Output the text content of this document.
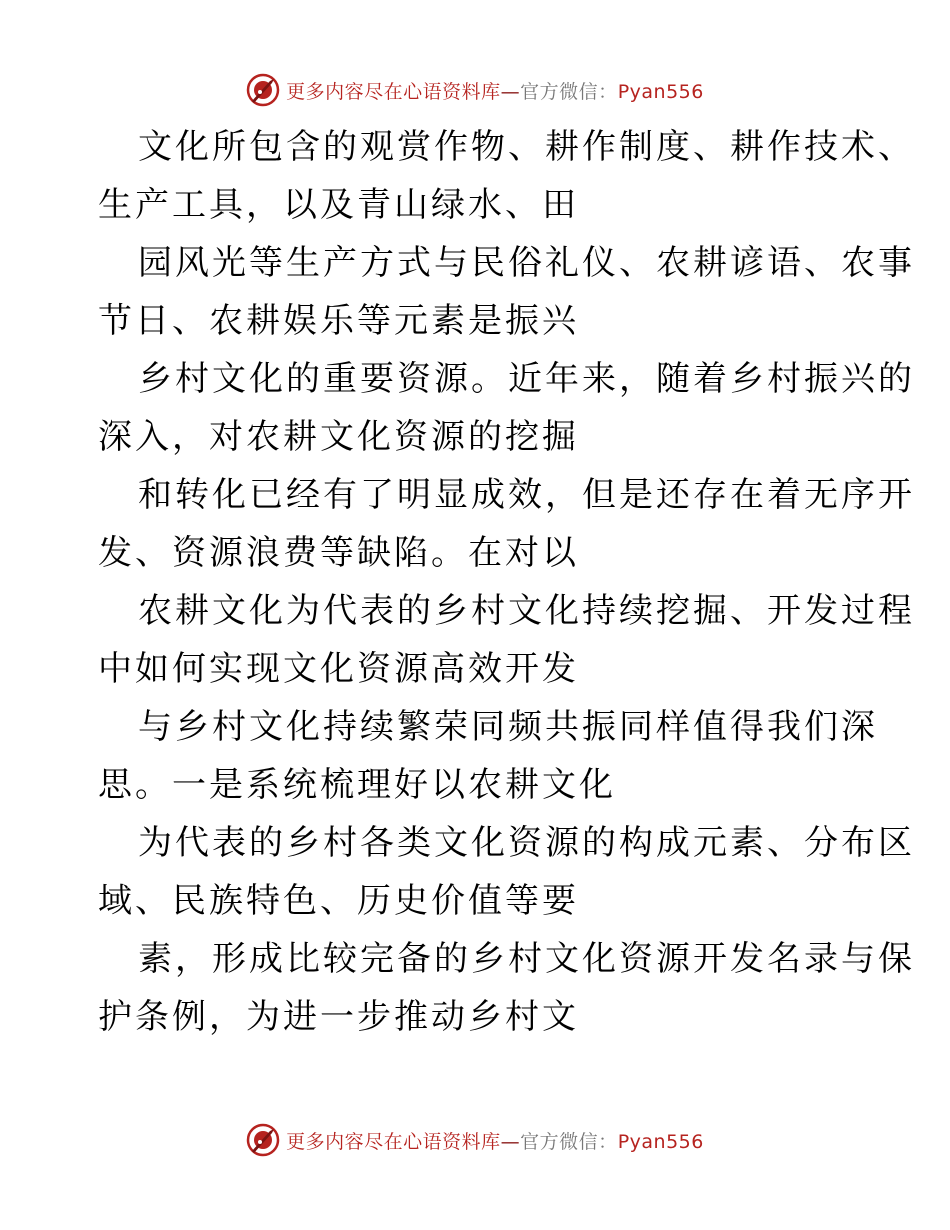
更多内容尽在心语资料库—官方微信：Pyan556

文化所包含的观赏作物、耕作制度、耕作技术、
生产工具，以及青山绿水、田

园风光等生产方式与民俗礼仪、农耕谚语、农事
节日、农耕娱乐等元素是振兴

乡村文化的重要资源。近年来，随着乡村振兴的
深入，对农耕文化资源的挖掘

和转化已经有了明显成效，但是还存在着无序开
发、资源浪费等缺陷。在对以

农耕文化为代表的乡村文化持续挖掘、开发过程
中如何实现文化资源高效开发

与乡村文化持续繁荣同频共振同样值得我们深
思。一是系统梳理好以农耕文化

为代表的乡村各类文化资源的构成元素、分布区
域、民族特色、历史价值等要

素，形成比较完备的乡村文化资源开发名录与保
护条例，为进一步推动乡村文

更多内容尽在心语资料库—官方微信：Pyan556
